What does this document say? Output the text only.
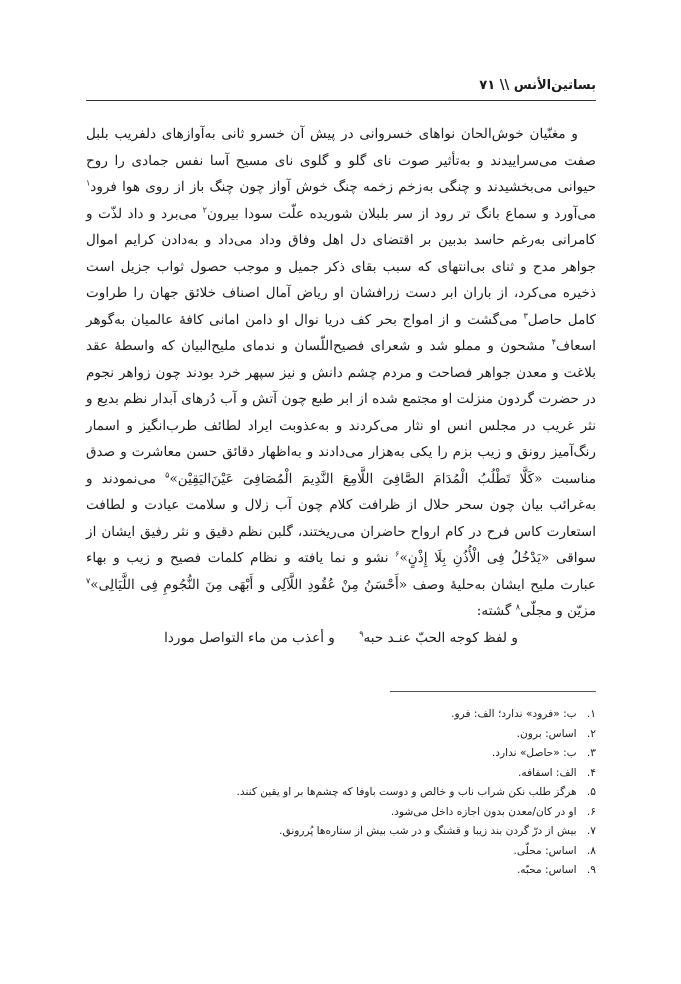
بساتین‌الأنس \\ ۷۱

و مغنّیان خوش‌الحان نواهای خسروانی در پیش آن خسرو ثانی به‌آوازهای دلفریب بلبل صفت می‌سراییدند و به‌تأثیر صوت نای گلو و گلوی نای مسیح آسا نفس جمادی را روح حیوانی می‌بخشیدند و چنگی به‌زخم زخمه چنگ خوش آواز چون چنگ باز از روی هوا فرود$^۱$ می‌آورد و سماع بانگ تر رود از سر بلبلان شوریده علّت سودا بیرون$^۲$ می‌برد و داد لذّت و کامرانی به‌رغم حاسد بدبین بر اقتضای دل اهل وفاق وداد می‌داد و به‌دادن کرایم اموال جواهر مدح و ثنای بی‌انتهای که سبب بقای ذکر جمیل و موجب حصول ثواب جزیل است ذخیره می‌کرد، از باران ابر دست زرافشان او ریاض آمال اصناف خلائق جهان را طراوت کامل حاصل$^۳$ می‌گشت و از امواج بحر کف دریا نوال او دامن امانی کافهٔ عالمیان به‌گوهر اسعاف$^۴$ مشحون و مملو شد و شعرای فصیح‌اللّسان و ندمای ملیح‌البیان که واسطهٔ عقد بلاغت و معدن جواهر فصاحت و مردم چشم دانش و نیز سپهر خرد بودند چون زواهر نجوم در حضرت گردون منزلت او مجتمع شده از ابر طبع چون آتش و آب دُرهای آبدار نظم بدیع و نثر غریب در مجلس انس او نثار می‌کردند و به‌عذوبت ایراد لطائف طرب‌انگیز و اسمار رنگ‌آمیز رونق و زیب بزم را یکی به‌هزار می‌دادند و به‌اظهار دقائق حسن معاشرت و صدق مناسبت «کَلَّا تَطْلُبُ الْمُدَامَ الصَّافِیَ اللَّامِعَ النَّدِیمَ الْمُصَافِیَ عَیْنَ‌الیَقِیْن»$^۵$ می‌نمودند و به‌غرائب بیان چون سحر حلال از ظرافت کلام چون آب زلال و سلامت عیادت و لطافت استعارت کاس فرح در کام ارواح حاضران می‌ریختند، گلبن نظم دقیق و نثر رفیق ایشان از سواقی «یَدْخُلُ فِی الْأُذُنِ بِلَا إِذْنٍ»$^۶$ نشو و نما یافته و نظام کلمات فصیح و زیب و بهاء عبارت ملیح ایشان به‌حلیهٔ وصف «أَحْسَنُ مِنْ عُقُودِ اللَّآلِی و أَبْهَی مِنَ النُّجُومِ فِی اللَّیَالِی»$^۷$ مزیّن و مجلّی$^۸$ گشته:

و لفظ کوجه الحبّ عنـد حبه$^۹$ و أعذب من ماء التواصل موردا
۱. ب: «فرود» ندارد؛ الف: فرو.
۲. اساس: برون.
۳. ب: «حاصل» ندارد.
۴. الف: اسفافه.
۵. هرگز طلب نکن شراب ناب و خالص و دوست باوفا که چشم‌ها بر او یقین کنند.
۶. او در کان/معدن بدون اجازه داخل می‌شود.
۷. بیش از درّ گردن بند زیبا و قشنگ و در شب بیش از ستاره‌ها پُررونق.
۸. اساس: محلّی.
۹. اساس: محبّه.
